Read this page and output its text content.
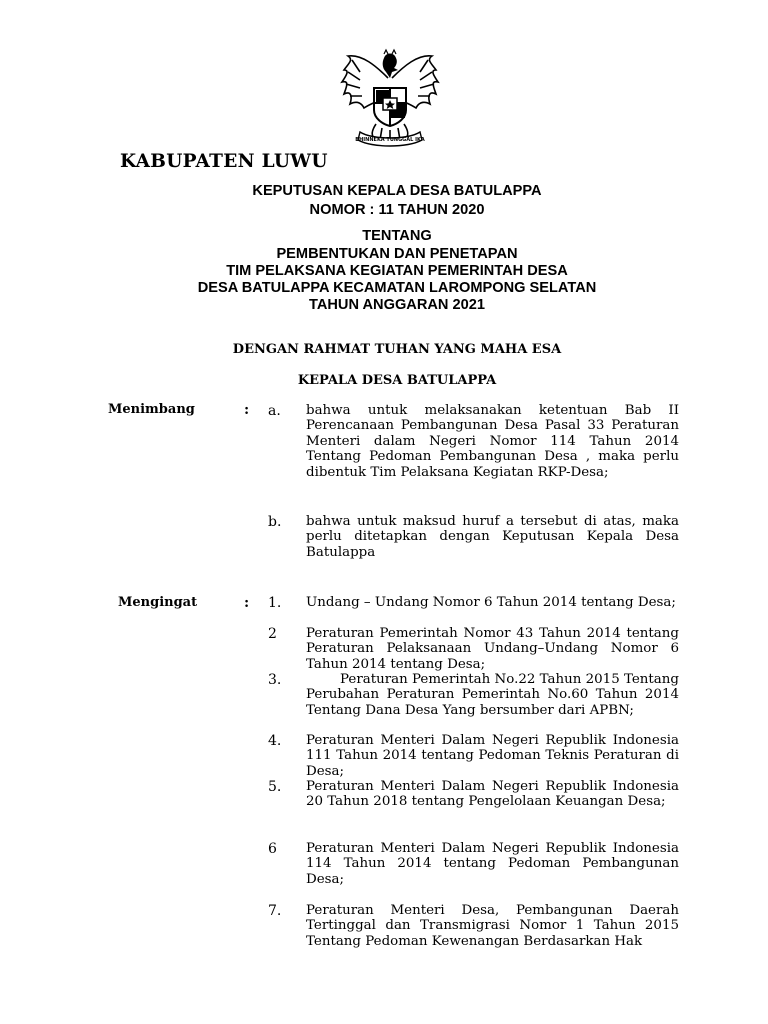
BHINNEKA TUNGGAL IKA
KABUPATEN LUWU
KEPUTUSAN KEPALA DESA BATULAPPA
NOMOR : 11 TAHUN 2020
TENTANG
PEMBENTUKAN DAN PENETAPAN
TIM PELAKSANA KEGIATAN PEMERINTAH DESA
DESA BATULAPPA KECAMATAN LAROMPONG SELATAN
TAHUN ANGGARAN 2021
DENGAN RAHMAT TUHAN YANG MAHA ESA
KEPALA DESA BATULAPPA
Menimbang	: a. bahwa untuk melaksanakan ketentuan Bab II Perencanaan Pembangunan Desa Pasal 33 Peraturan Menteri dalam Negeri Nomor 114 Tahun 2014 Tentang Pedoman Pembangunan Desa , maka perlu dibentuk Tim Pelaksana Kegiatan RKP-Desa;
b. bahwa untuk maksud huruf a tersebut di atas, maka perlu ditetapkan dengan Keputusan Kepala Desa Batulappa
Mengingat	: 1. Undang – Undang Nomor 6 Tahun 2014 tentang Desa;
2 Peraturan Pemerintah Nomor 43 Tahun 2014 tentang Peraturan Pelaksanaan Undang–Undang Nomor 6 Tahun 2014 tentang Desa;
3.	Peraturan Pemerintah No.22 Tahun 2015 Tentang Perubahan Peraturan Pemerintah No.60 Tahun 2014 Tentang Dana Desa Yang bersumber dari APBN;
4. Peraturan Menteri Dalam Negeri Republik Indonesia 111 Tahun 2014 tentang Pedoman Teknis Peraturan di Desa;
5. Peraturan Menteri Dalam Negeri Republik Indonesia 20 Tahun 2018 tentang Pengelolaan Keuangan Desa;
6 Peraturan Menteri Dalam Negeri Republik Indonesia 114 Tahun 2014 tentang Pedoman Pembangunan Desa;
7. Peraturan Menteri Desa, Pembangunan Daerah Tertinggal dan Transmigrasi Nomor 1 Tahun 2015 Tentang Pedoman Kewenangan Berdasarkan Hak
